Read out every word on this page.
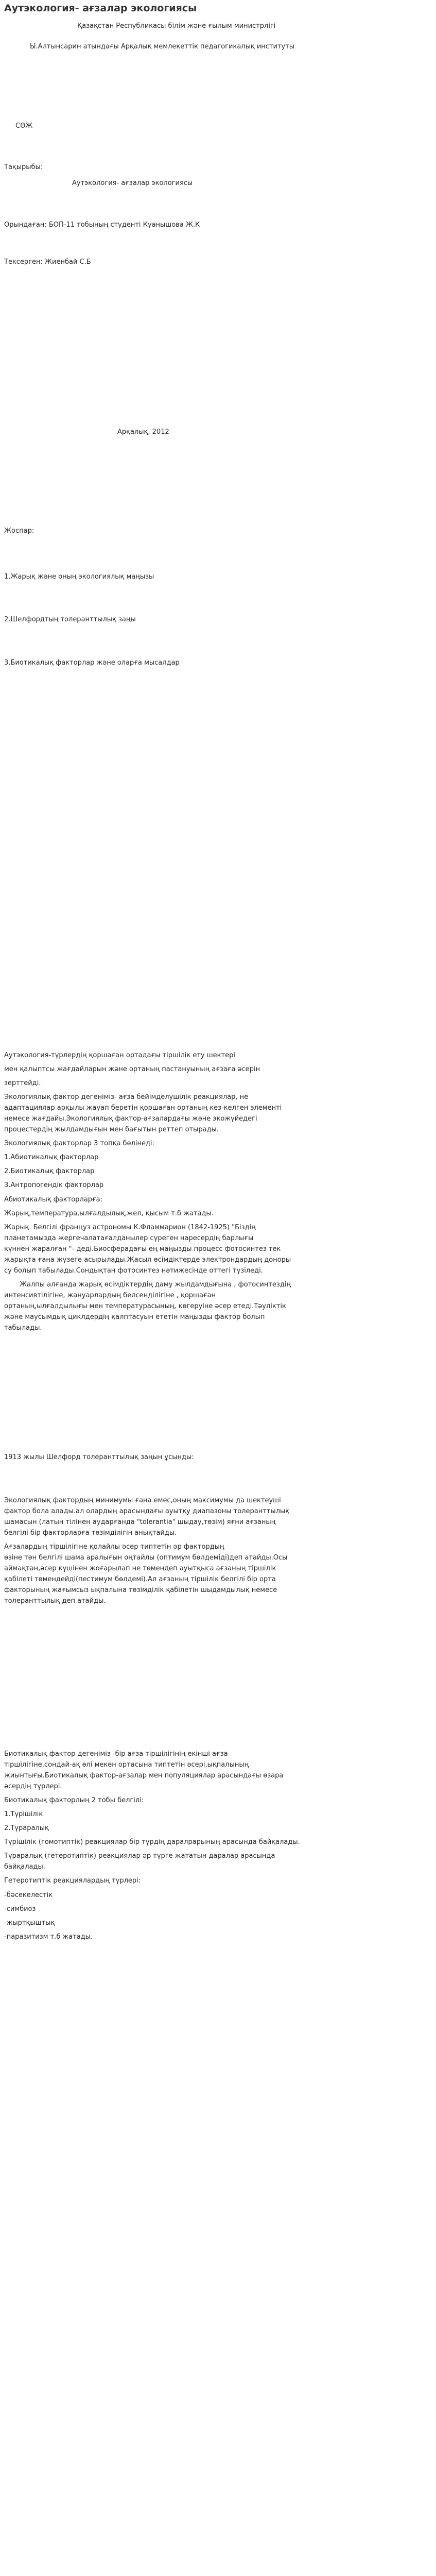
Аутэкология- ағзалар экологиясы
Қазақстан Республикасы білім және ғылым министрлігі
Ы.Алтынсарин атындағы Арқалық мемлекеттік педагогикалық институты
СӨЖ
Тақырыбы:
Аутэкология- ағзалар экологиясы
Орындаған: БОП-11 тобының студенті Куанышова Ж.К
Тексерген: Жиенбай С.Б
Арқалық, 2012
Жоспар:
1.Жарық және оның экологиялық маңызы
2.Шелфордтың толеранттылық заңы
3.Биотикалық факторлар және оларға мысалдар

Аутэкология-түрлердің қоршаған ортадағы тіршілік ету шектері

мен қалыптсы жағдайларын және ортаның пастануының ағзаға әсерін

зерттейді.

Экологиялық фактор дегеніміз- ағза бейімделушілік реакциялар, не

адаптациялар арқылы жауап беретін қоршаған ортаның кез-келген элементі

немесе жағдайы.Экологиялық фактор-ағзалардағы және экожүйедегі

процестердің жылдамдығын мен бағытын реттеп отырады.

Экологиялық факторлар 3 топқа бөлінеді:

1.Абиотикалық факторлар

2.Биотикалық факторлар

3.Антропогендік факторлар

Абиотикалық факторларға:

Жарық,температура,ылғалдылық,жел, қысым т.б жатады.

Жарық. Белгілі француз астрономы К.Фламмарион (1842-1925) "Біздің

планетамызда жергечалатағалданылер сүреген наресердің барлығы

күннен жаралған "- деді.Биосферадағы ең маңызды процесс фотосинтез тек

жарықта ғана жүзеге асырылады.Жасыл өсімдіктерде электрондардың доноры

су болып табылады.Сондықтан фотосинтез нәтижесінде оттегі түзіледі.

Жалпы алғанда жарық өсімдіктердің даму жылдамдығына , фотосинтездің

интенсивтілігіне, жануарлардың белсенділігіне , қоршаған

ортаның,ылғалдылығы мен температурасының, көгеруіне әсер етеді.Тәуліктік

және маусымдық циклдердің қалптасуын ететін маңызды фактор болып

табылады.

1913 жылы Шелфорд толеранттылық заңын ұсынды:

Экологиялық фактордың минимумы ғана емес,оның максимумы да шектеуші

фактор бола алады.ал олардың арасындағы ауытқу диапазоны толеранттылық

шамасын (латын тілінен аударғанда "tolerantia" шыдау,төзім) яғни ағзаның

белгілі бір факторларға төзімділігін анықтайды.

Ағзалардың тіршілігіне қолайлы әсер типтетін әр фактордың

өзіне тән белгілі шама аралығын оңтайлы (оптимум бөлдеміді)деп атайды.Осы

аймақтан,әсер күшінен жоғарылап не төмендеп ауытқыса ағзаның тіршілік

қабілеті төмендейді(пестимум бөлдемі).Ал ағзаның тіршілік белгілі бір орта

факторының жағымсыз ықпалына төзімділік қабілетін шыдамдылық немесе

толеранттылық деп атайды.

Биотикалық фактор дегеніміз -бір ағза тіршілігінің екінші ағза

тіршілігіне,сондай-ақ өлі мекен ортасына типтетін әсері,ықпалының

жиынтығы.Биотикалық фактор-ағзалар мен популяциялар арасындағы өзара

әсердің түрлері.

Биотикалық факторлың 2 тобы белгілі:

1.Түрішілік

2.Түраралық

Түрішілік (гомотиптік) реакциялар бір түрдің даралрарының арасында байқалады.

Түраралық (гетеротиптік) реакциялар әр түрге жататын даралар арасында

байқалады.

Гетеротиптік реакциялардың түрлері:

-бәсекелестік

-симбиоз

-жыртқыштық

-паразитизм т.б жатады.
